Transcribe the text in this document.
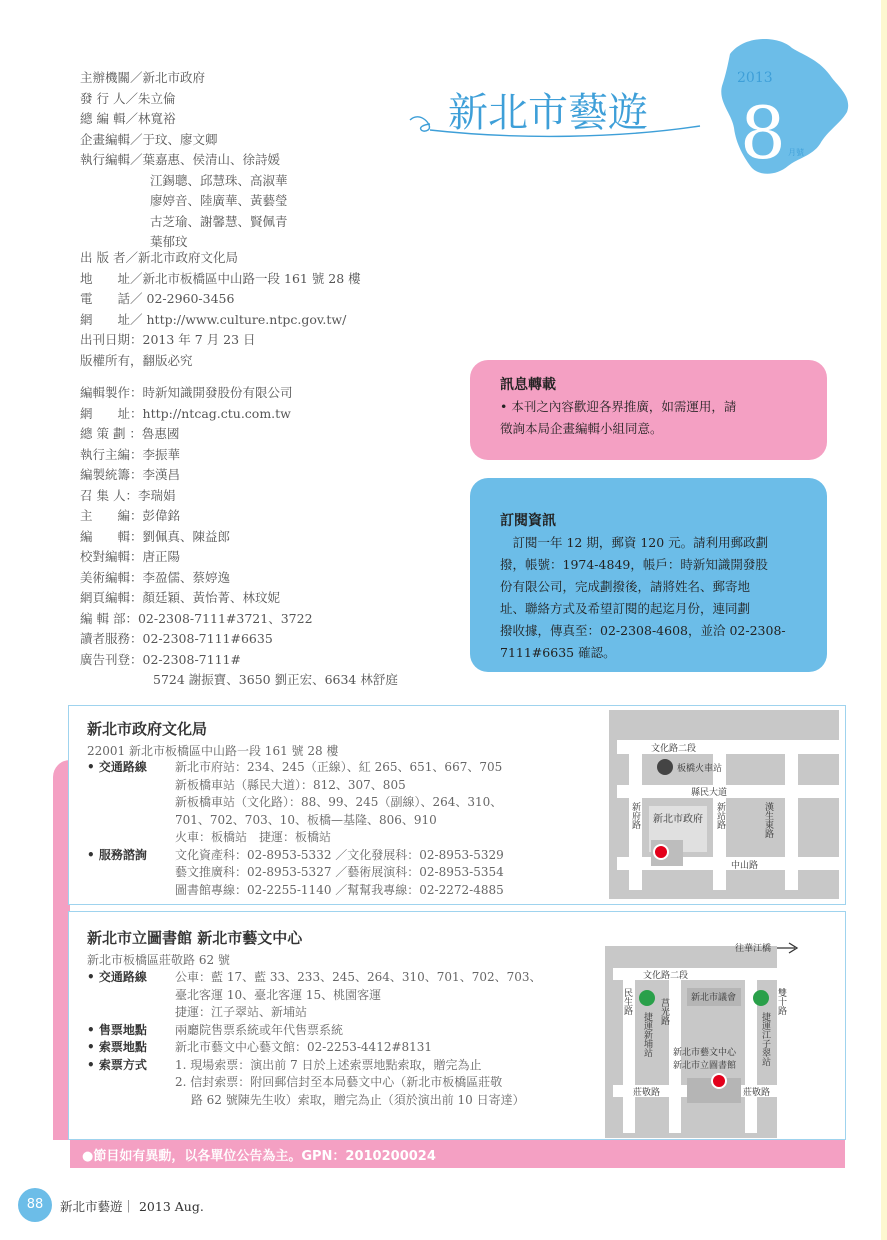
2013
8 月號
新北市藝遊
主辦機關／新北市政府
發 行 人／朱立倫
總 編 輯／林寬裕
企畫編輯／于玟、廖文卿
執行編輯／葉嘉惠、侯清山、徐詩媛
江錫聰、邱慧珠、高淑華
廖婷音、陸廣華、黃藝瑩
古芝瑜、謝馨慧、賢佩青
葉郁玟
出 版 者／新北市政府文化局
地　　址／新北市板橋區中山路一段 161 號 28 樓
電　　話／ 02-2960-3456
網　　址／ http://www.culture.ntpc.gov.tw/
出刊日期：2013 年 7 月 23 日
版權所有，翻版必究
編輯製作：時新知識開發股份有限公司
網　　址：http://ntcag.ctu.com.tw
總 策 劃 ：魯惠國
執行主編：李振華
編製統籌：李漢昌
召 集 人：李瑞娟
主　　編：彭偉銘
編　　輯：劉佩真、陳益郎
校對編輯：唐正陽
美術編輯：李盈儒、蔡婷逸
網頁編輯：顏廷穎、黃怡菁、林玟妮
編 輯 部：02-2308-7111#3721、3722
讀者服務：02-2308-7111#6635
廣告刊登：02-2308-7111#
5724 謝振寶、3650 劉正宏、6634 林舒庭
訊息轉載

• 本刊之內容歡迎各界推廣，如需運用，請

徵詢本局企畫編輯小組同意。

訂閱資訊

　訂閱一年 12 期，郵資 120 元。請利用郵政劃

撥，帳號：1974-4849，帳戶：時新知識開發股

份有限公司，完成劃撥後，請將姓名、郵寄地

址、聯絡方式及希望訂閱的起迄月份，連同劃

撥收據，傳真至：02-2308-4608，並洽 02-2308-

7111#6635 確認。

新北市政府文化局
22001 新北市板橋區中山路一段 161 號 28 樓
• 交通路線	新北市府站：234、245（正線）、紅 265、651、667、705
新板橋車站（縣民大道）：812、307、805
新板橋車站（文化路）：88、99、245（副線）、264、310、
701、702、703、10、板橋—基隆、806、910
火車：板橋站　捷運：板橋站
• 服務諮詢	文化資產科：02-8953-5332 ／文化發展科：02-8953-5329
藝文推廣科：02-8953-5327 ／藝術展演科：02-8953-5354
圖書館專線：02-2255-1140 ／幫幫我專線：02-2272-4885
文化路二段
板橋火車站
縣民大道
新府路	新站路	漢生東路
新北市政府
中山路
新北市立圖書館 新北市藝文中心
新北市板橋區莊敬路 62 號
• 交通路線	公車：藍 17、藍 33、233、245、264、310、701、702、703、
臺北客運 10、臺北客運 15、桃園客運
捷運：江子翠站、新埔站
• 售票地點	兩廳院售票系統或年代售票系統
• 索票地點	新北市藝文中心藝文館：02-2253-4412#8131
• 索票方式	1. 現場索票：演出前 7 日於上述索票地點索取，贈完為止
2. 信封索票：附回郵信封至本局藝文中心（新北市板橋區莊敬
　 路 62 號陳先生收）索取，贈完為止（須於演出前 10 日寄達）
往華江橋
文化路二段
民生路	莒光路 新北市議會	雙十路
捷運新埔站	捷運江子翠站
新北市藝文中心
新北市立圖書館
莊敬路	莊敬路
●節目如有異動，以各單位公告為主。GPN：2010200024
88	新北市藝遊｜ 2013 Aug.
